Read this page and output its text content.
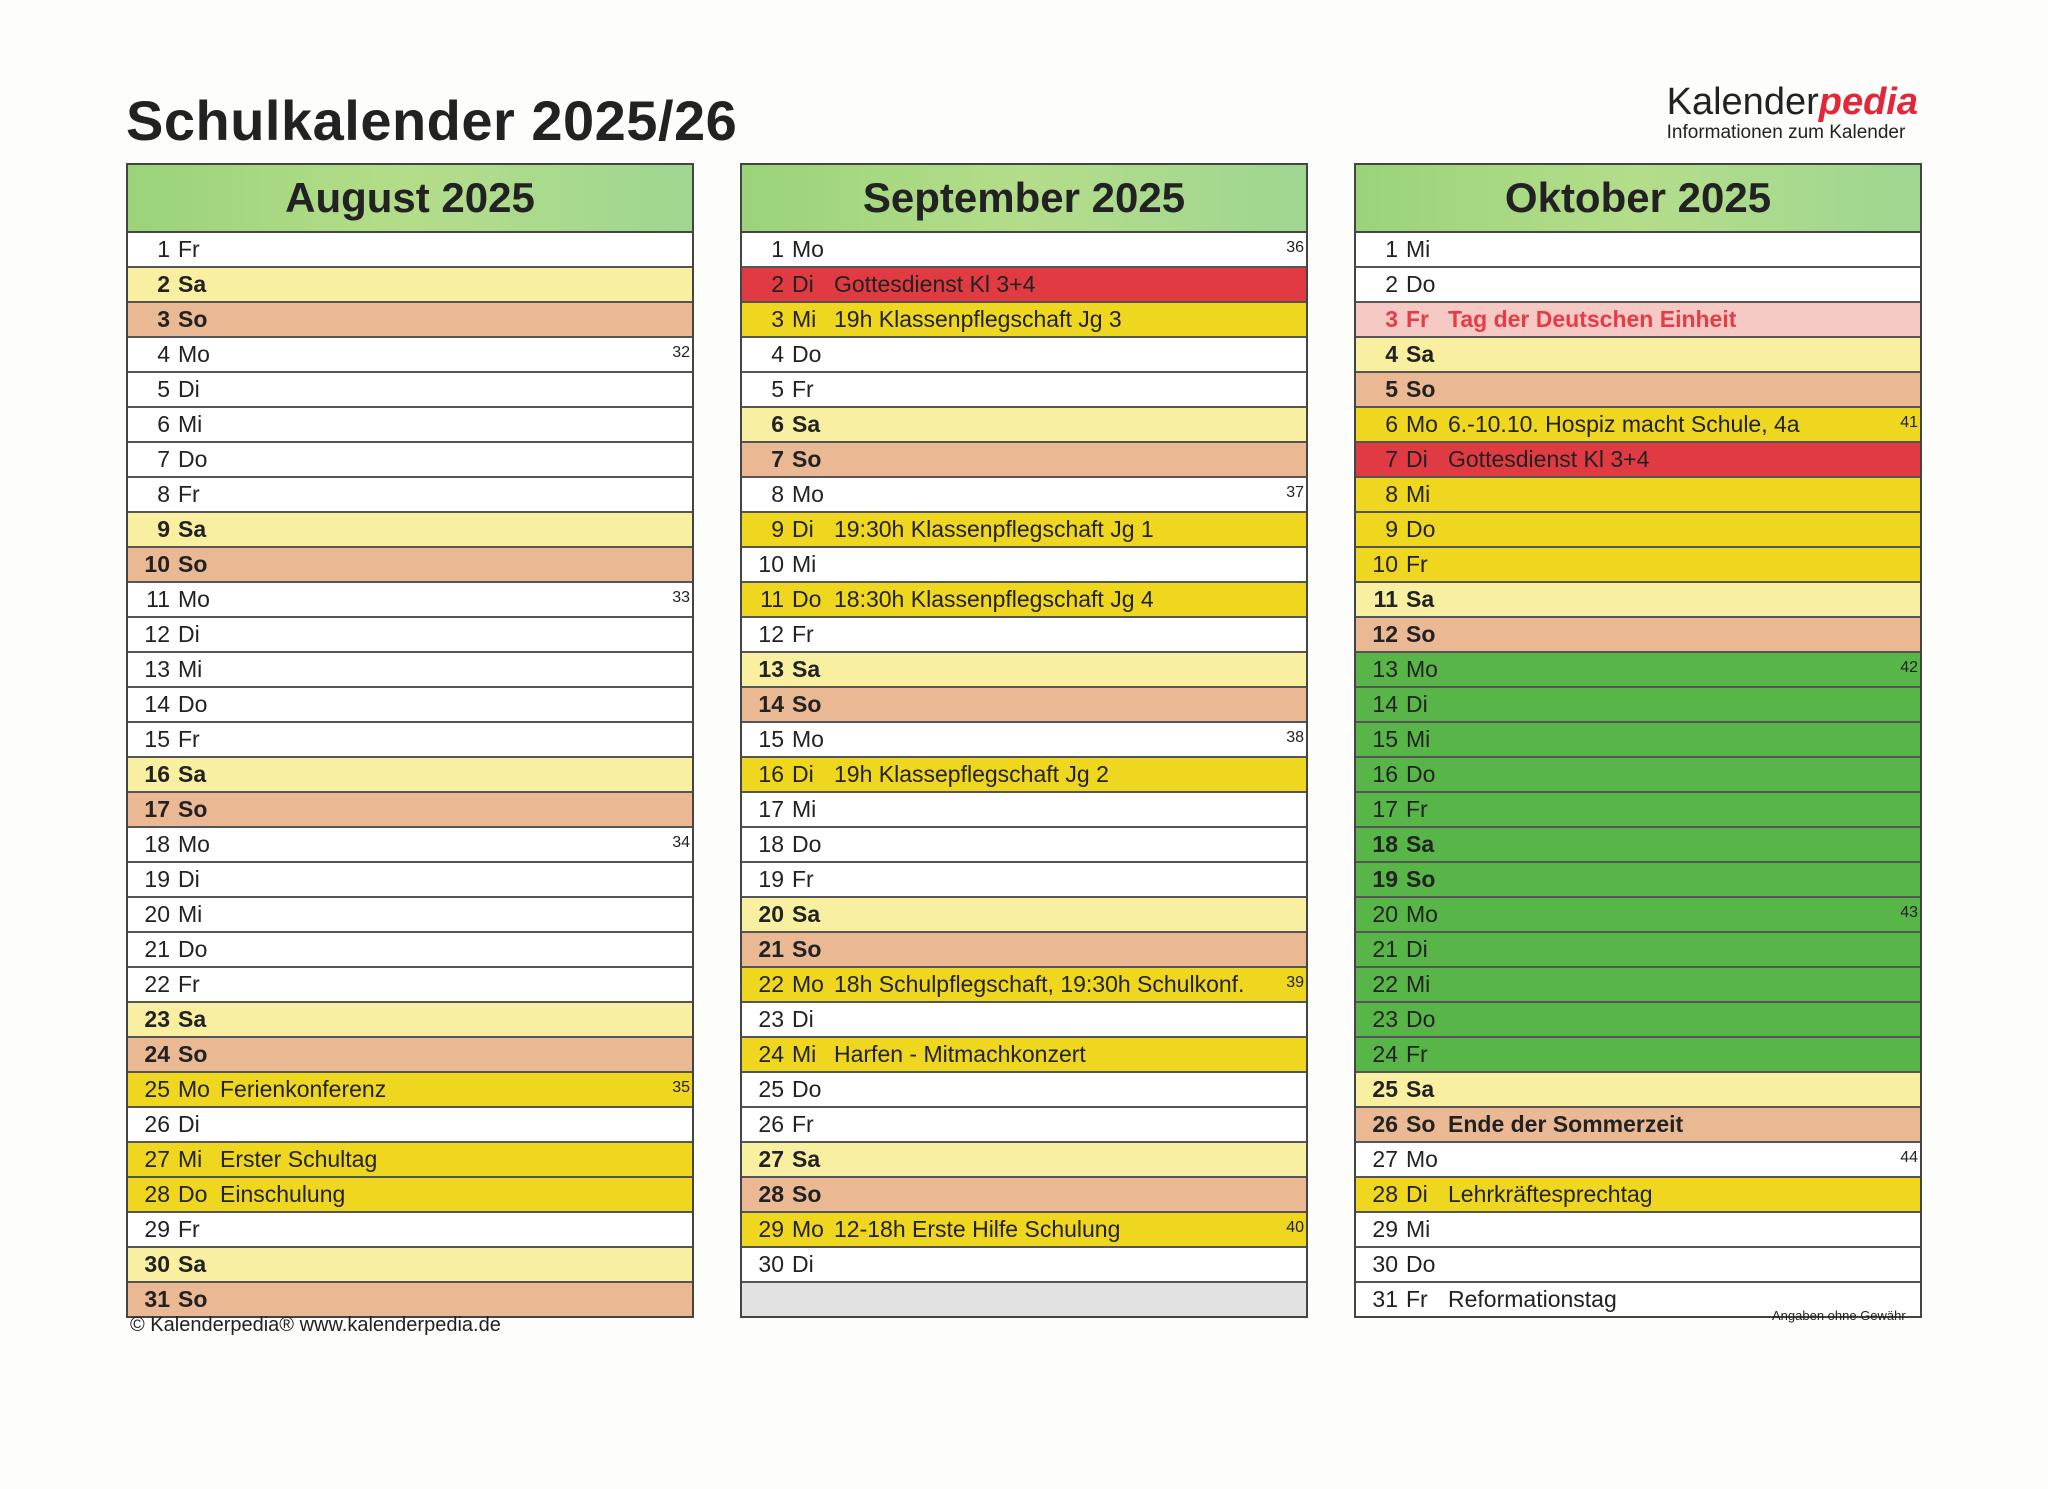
Schulkalender 2025/26	Kalenderpedia
Informationen zum Kalender
August 2025
1 Fr
2 Sa
3 So
4 Mo	32
5 Di
6 Mi
7 Do
8 Fr
9 Sa
10 So
11 Mo	33
12 Di
13 Mi
14 Do
15 Fr
16 Sa
17 So
18 Mo	34
19 Di
20 Mi
21 Do
22 Fr
23 Sa
24 So
25 Mo Ferienkonferenz	35
26 Di
27 Mi Erster Schultag
28 Do Einschulung
29 Fr
30 Sa
31 So
September 2025
1 Mo	36
2 Di Gottesdienst Kl 3+4
3 Mi 19h Klassenpflegschaft Jg 3
4 Do
5 Fr
6 Sa
7 So
8 Mo	37
9 Di 19:30h Klassenpflegschaft Jg 1
10 Mi
11 Do 18:30h Klassenpflegschaft Jg 4
12 Fr
13 Sa
14 So
15 Mo	38
16 Di 19h Klassepflegschaft Jg 2
17 Mi
18 Do
19 Fr
20 Sa
21 So
22 Mo 18h Schulpflegschaft, 19:30h Schulkonf.	39
23 Di
24 Mi Harfen - Mitmachkonzert
25 Do
26 Fr
27 Sa
28 So
29 Mo 12-18h Erste Hilfe Schulung	40
30 Di
Oktober 2025
1 Mi
2 Do
3 Fr Tag der Deutschen Einheit
4 Sa
5 So
6 Mo 6.-10.10. Hospiz macht Schule, 4a	41
7 Di Gottesdienst Kl 3+4
8 Mi
9 Do
10 Fr
11 Sa
12 So
13 Mo	42
14 Di
15 Mi
16 Do
17 Fr
18 Sa
19 So
20 Mo	43
21 Di
22 Mi
23 Do
24 Fr
25 Sa
26 So Ende der Sommerzeit
27 Mo	44
28 Di Lehrkräftesprechtag
29 Mi
30 Do
31 Fr Reformationstag
© Kalenderpedia® www.kalenderpedia.de	Angaben ohne Gewähr
